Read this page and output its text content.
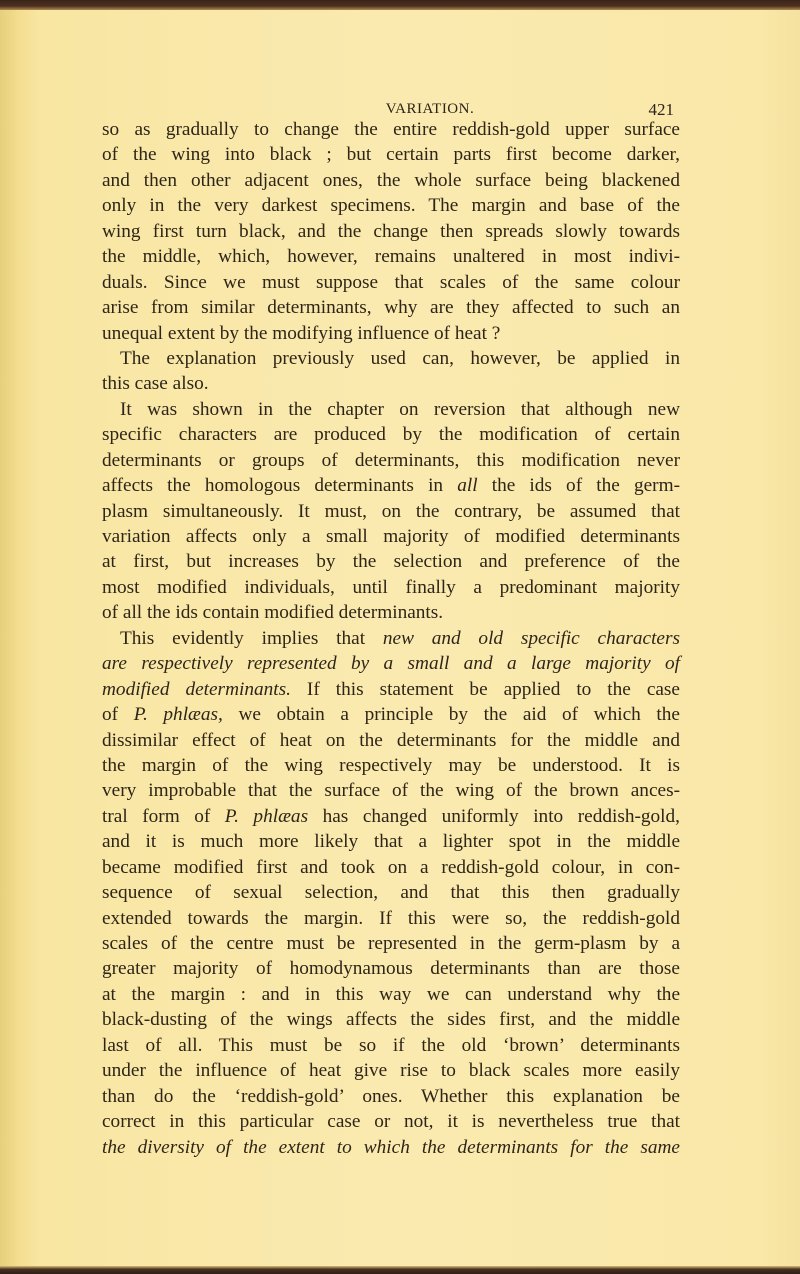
VARIATION.	421
so as gradually to change the entire reddish-gold upper surface
of the wing into black ; but certain parts first become darker,
and then other adjacent ones, the whole surface being blackened
only in the very darkest specimens. The margin and base of the
wing first turn black, and the change then spreads slowly towards
the middle, which, however, remains unaltered in most indivi-
duals. Since we must suppose that scales of the same colour
arise from similar determinants, why are they affected to such an
unequal extent by the modifying influence of heat ?
The explanation previously used can, however, be applied in
this case also.
It was shown in the chapter on reversion that although new
specific characters are produced by the modification of certain
determinants or groups of determinants, this modification never
affects the homologous determinants in all the ids of the germ-
plasm simultaneously. It must, on the contrary, be assumed that
variation affects only a small majority of modified determinants
at first, but increases by the selection and preference of the
most modified individuals, until finally a predominant majority
of all the ids contain modified determinants.
This evidently implies that new and old specific characters
are respectively represented by a small and a large majority of
modified determinants. If this statement be applied to the case
of P. phlæas, we obtain a principle by the aid of which the
dissimilar effect of heat on the determinants for the middle and
the margin of the wing respectively may be understood. It is
very improbable that the surface of the wing of the brown ances-
tral form of P. phlæas has changed uniformly into reddish-gold,
and it is much more likely that a lighter spot in the middle
became modified first and took on a reddish-gold colour, in con-
sequence of sexual selection, and that this then gradually
extended towards the margin. If this were so, the reddish-gold
scales of the centre must be represented in the germ-plasm by a
greater majority of homodynamous determinants than are those
at the margin : and in this way we can understand why the
black-dusting of the wings affects the sides first, and the middle
last of all. This must be so if the old ‘brown’ determinants
under the influence of heat give rise to black scales more easily
than do the ‘reddish-gold’ ones. Whether this explanation be
correct in this particular case or not, it is nevertheless true that
the diversity of the extent to which the determinants for the same
